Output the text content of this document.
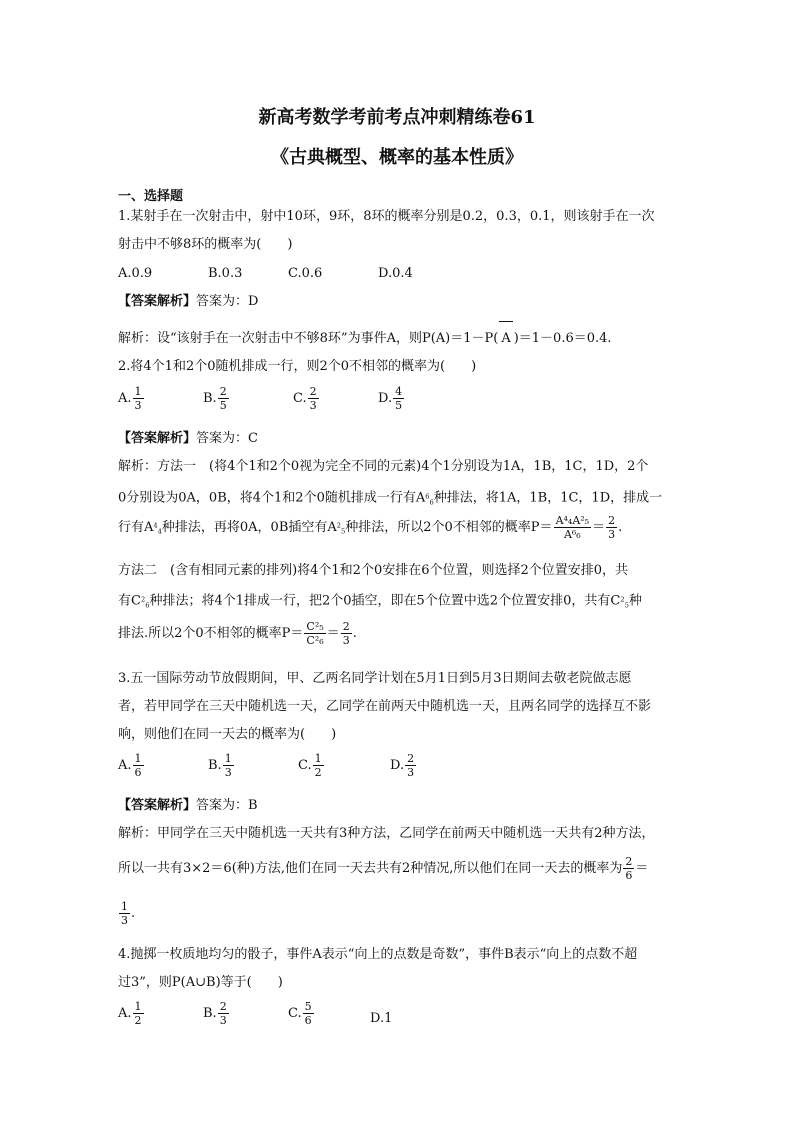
新高考数学考前考点冲刺精练卷61
《古典概型、概率的基本性质》
一、选择题
1.某射手在一次射击中，射中10环，9环，8环的概率分别是0.2，0.3，0.1，则该射手在一次
射击中不够8环的概率为(　　)
A.0.9	B.0.3	C.0.6	D.0.4
【答案解析】答案为：D
解析：设“该射手在一次射击中不够8环”为事件A，则P(A)＝1－P( A )＝1－0.6＝0.4.
2.将4个1和2个0随机排成一行，则2个0不相邻的概率为(　　)
A. $\frac{1}{3}$	B. $\frac{2}{5}$	C. $\frac{2}{3}$	D. $\frac{4}{5}$
【答案解析】答案为：C
解析：方法一　(将4个1和2个0视为完全不同的元素)4个1分别设为1A，1B，1C，1D，2个
0分别设为0A，0B，将4个1和2个0随机排成一行有$A^6_6$种排法，将1A，1B，1C，1D，排成一
行有$A^4_4$种排法，再将0A，0B插空有$A^2_5$种排法，所以2个0不相邻的概率$P= \frac{\text{A⁴₄A²₅}}{\text{A⁶₆}} = \frac{2}{3}$ .
方法二　(含有相同元素的排列)将4个1和2个0安排在6个位置，则选择2个位置安排0，共
有$C^2_6$种排法；将4个1排成一行，把2个0插空，即在5个位置中选2个位置安排0，共有$C^2_5$种
排法.所以2个0不相邻的概率$P= \frac{\text{C²₅}}{\text{C²₆}} = \frac{2}{3}$ .
3.五一国际劳动节放假期间，甲、乙两名同学计划在5月1日到5月3日期间去敬老院做志愿
者，若甲同学在三天中随机选一天，乙同学在前两天中随机选一天，且两名同学的选择互不影
响，则他们在同一天去的概率为(　　)
A. $\frac{1}{6}$	B. $\frac{1}{3}$	C. $\frac{1}{2}$	D. $\frac{2}{3}$
【答案解析】答案为：B
解析：甲同学在三天中随机选一天共有3种方法，乙同学在前两天中随机选一天共有2种方法，
所以一共有3×2＝6(种)方法,他们在同一天去共有2种情况,所以他们在同一天去的概率为 $\frac{2}{6}$ ＝
$\frac{1}{3}$ .
4.抛掷一枚质地均匀的骰子，事件A表示“向上的点数是奇数”，事件B表示“向上的点数不超
过3”，则P(A∪B)等于(　　)
A. $\frac{1}{2}$	B. $\frac{2}{3}$	C. $\frac{5}{6}$	D.1
